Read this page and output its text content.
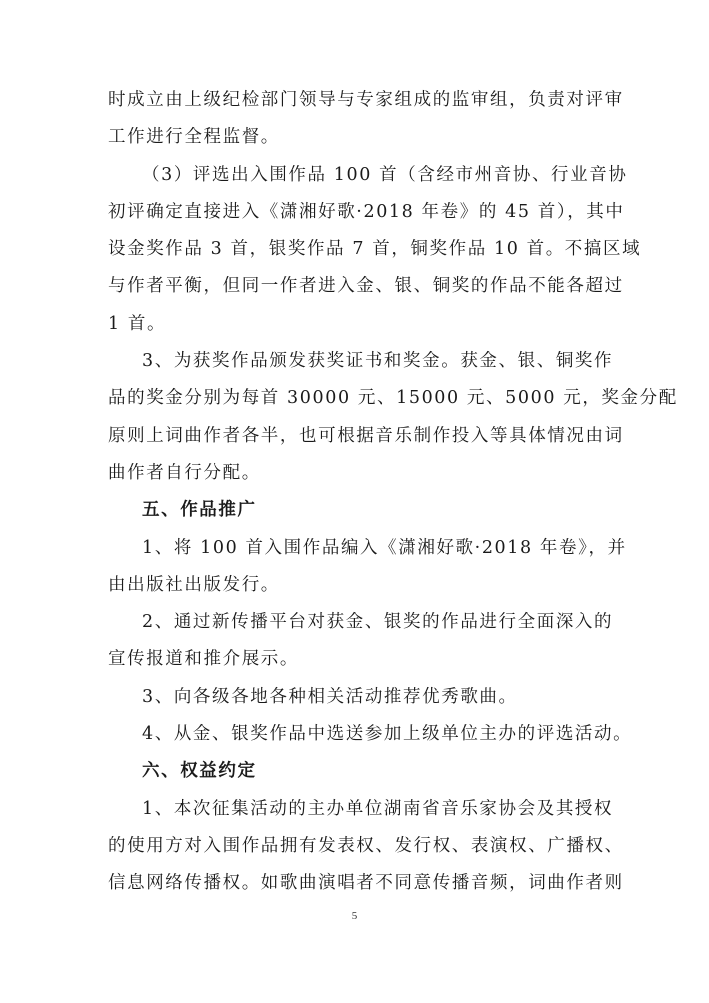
时成立由上级纪检部门领导与专家组成的监审组，负责对评审
工作进行全程监督。
（3）评选出入围作品 100 首（含经市州音协、行业音协
初评确定直接进入《潇湘好歌·2018 年卷》的 45 首），其中
设金奖作品 3 首，银奖作品 7 首，铜奖作品 10 首。不搞区域
与作者平衡，但同一作者进入金、银、铜奖的作品不能各超过
1 首。
3、为获奖作品颁发获奖证书和奖金。获金、银、铜奖作
品的奖金分别为每首 30000 元、15000 元、5000 元，奖金分配
原则上词曲作者各半，也可根据音乐制作投入等具体情况由词
曲作者自行分配。
五、作品推广
1、将 100 首入围作品编入《潇湘好歌·2018 年卷》，并
由出版社出版发行。
2、通过新传播平台对获金、银奖的作品进行全面深入的
宣传报道和推介展示。
3、向各级各地各种相关活动推荐优秀歌曲。
4、从金、银奖作品中选送参加上级单位主办的评选活动。
六、权益约定
1、本次征集活动的主办单位湖南省音乐家协会及其授权
的使用方对入围作品拥有发表权、发行权、表演权、广播权、
信息网络传播权。如歌曲演唱者不同意传播音频，词曲作者则
5
